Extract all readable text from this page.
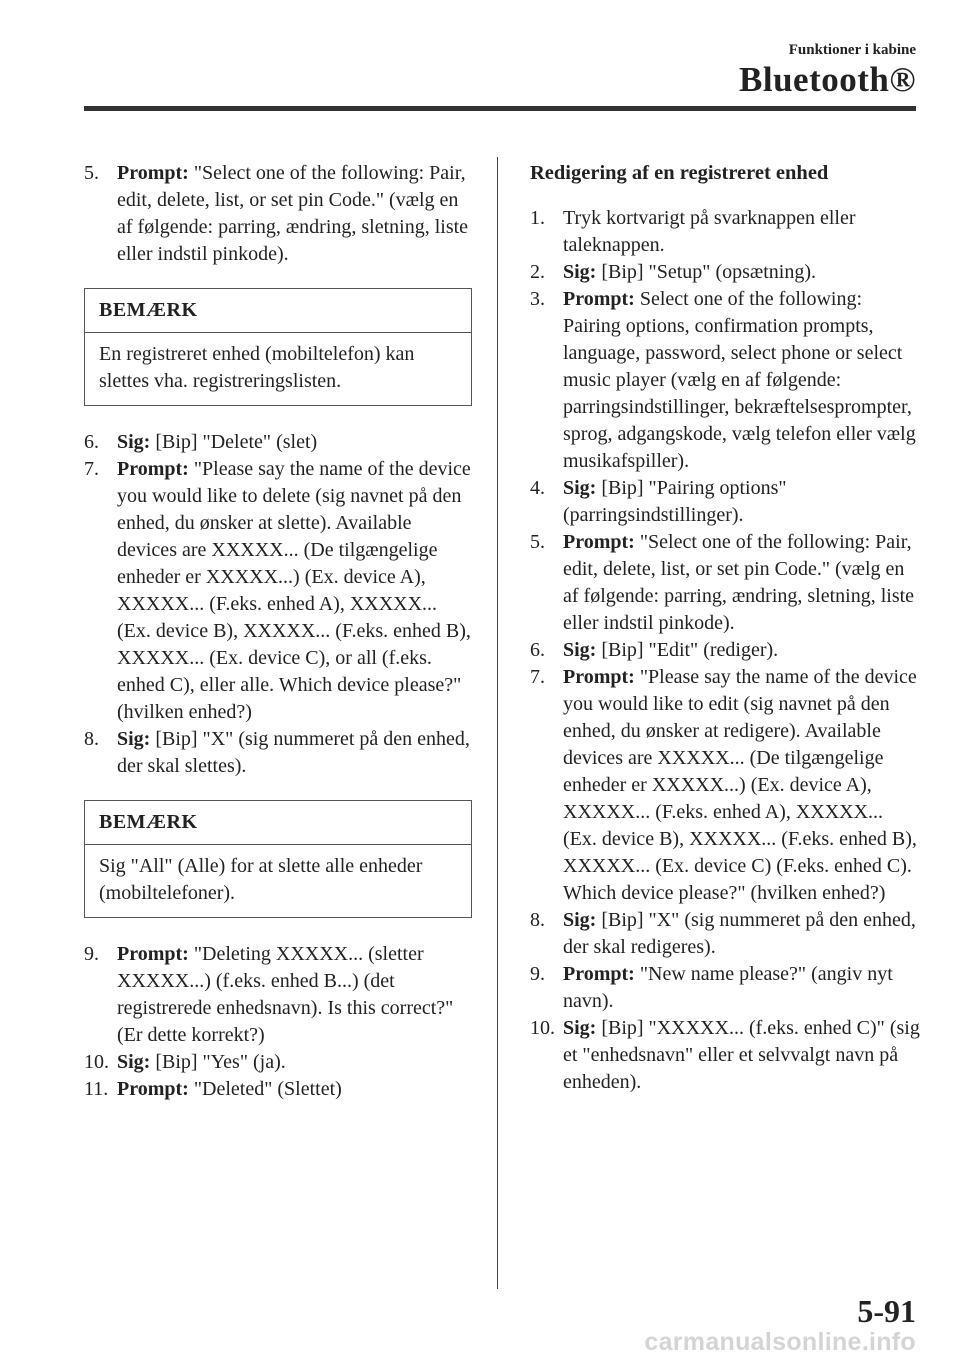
Funktioner i kabine
Bluetooth®
5. Prompt: "Select one of the following: Pair, edit, delete, list, or set pin Code." (vælg en af følgende: parring, ændring, sletning, liste eller indstil pinkode).
BEMÆRK
En registreret enhed (mobiltelefon) kan slettes vha. registreringslisten.
6. Sig: [Bip] "Delete" (slet)
7. Prompt: "Please say the name of the device you would like to delete (sig navnet på den enhed, du ønsker at slette). Available devices are XXXXX... (De tilgængelige enheder er XXXXX...) (Ex. device A), XXXXX... (F.eks. enhed A), XXXXX... (Ex. device B), XXXXX... (F.eks. enhed B), XXXXX... (Ex. device C), or all (f.eks. enhed C), eller alle. Which device please?" (hvilken enhed?)
8. Sig: [Bip] "X" (sig nummeret på den enhed, der skal slettes).
BEMÆRK
Sig "All" (Alle) for at slette alle enheder (mobiltelefoner).
9. Prompt: "Deleting XXXXX... (sletter XXXXX...) (f.eks. enhed B...) (det registrerede enhedsnavn). Is this correct?" (Er dette korrekt?)
10. Sig: [Bip] "Yes" (ja).
11. Prompt: "Deleted" (Slettet)
Redigering af en registreret enhed
1. Tryk kortvarigt på svarknappen eller taleknappen.
2. Sig: [Bip] "Setup" (opsætning).
3. Prompt: Select one of the following: Pairing options, confirmation prompts, language, password, select phone or select music player (vælg en af følgende: parringsindstillinger, bekræftelsesprompter, sprog, adgangskode, vælg telefon eller vælg musikafspiller).
4. Sig: [Bip] "Pairing options" (parringsindstillinger).
5. Prompt: "Select one of the following: Pair, edit, delete, list, or set pin Code." (vælg en af følgende: parring, ændring, sletning, liste eller indstil pinkode).
6. Sig: [Bip] "Edit" (rediger).
7. Prompt: "Please say the name of the device you would like to edit (sig navnet på den enhed, du ønsker at redigere). Available devices are XXXXX... (De tilgængelige enheder er XXXXX...) (Ex. device A), XXXXX... (F.eks. enhed A), XXXXX... (Ex. device B), XXXXX... (F.eks. enhed B), XXXXX... (Ex. device C) (F.eks. enhed C). Which device please?" (hvilken enhed?)
8. Sig: [Bip] "X" (sig nummeret på den enhed, der skal redigeres).
9. Prompt: "New name please?" (angiv nyt navn).
10. Sig: [Bip] "XXXXX... (f.eks. enhed C)" (sig et "enhedsnavn" eller et selvvalgt navn på enheden).
5-91
carmanualsonline.info
